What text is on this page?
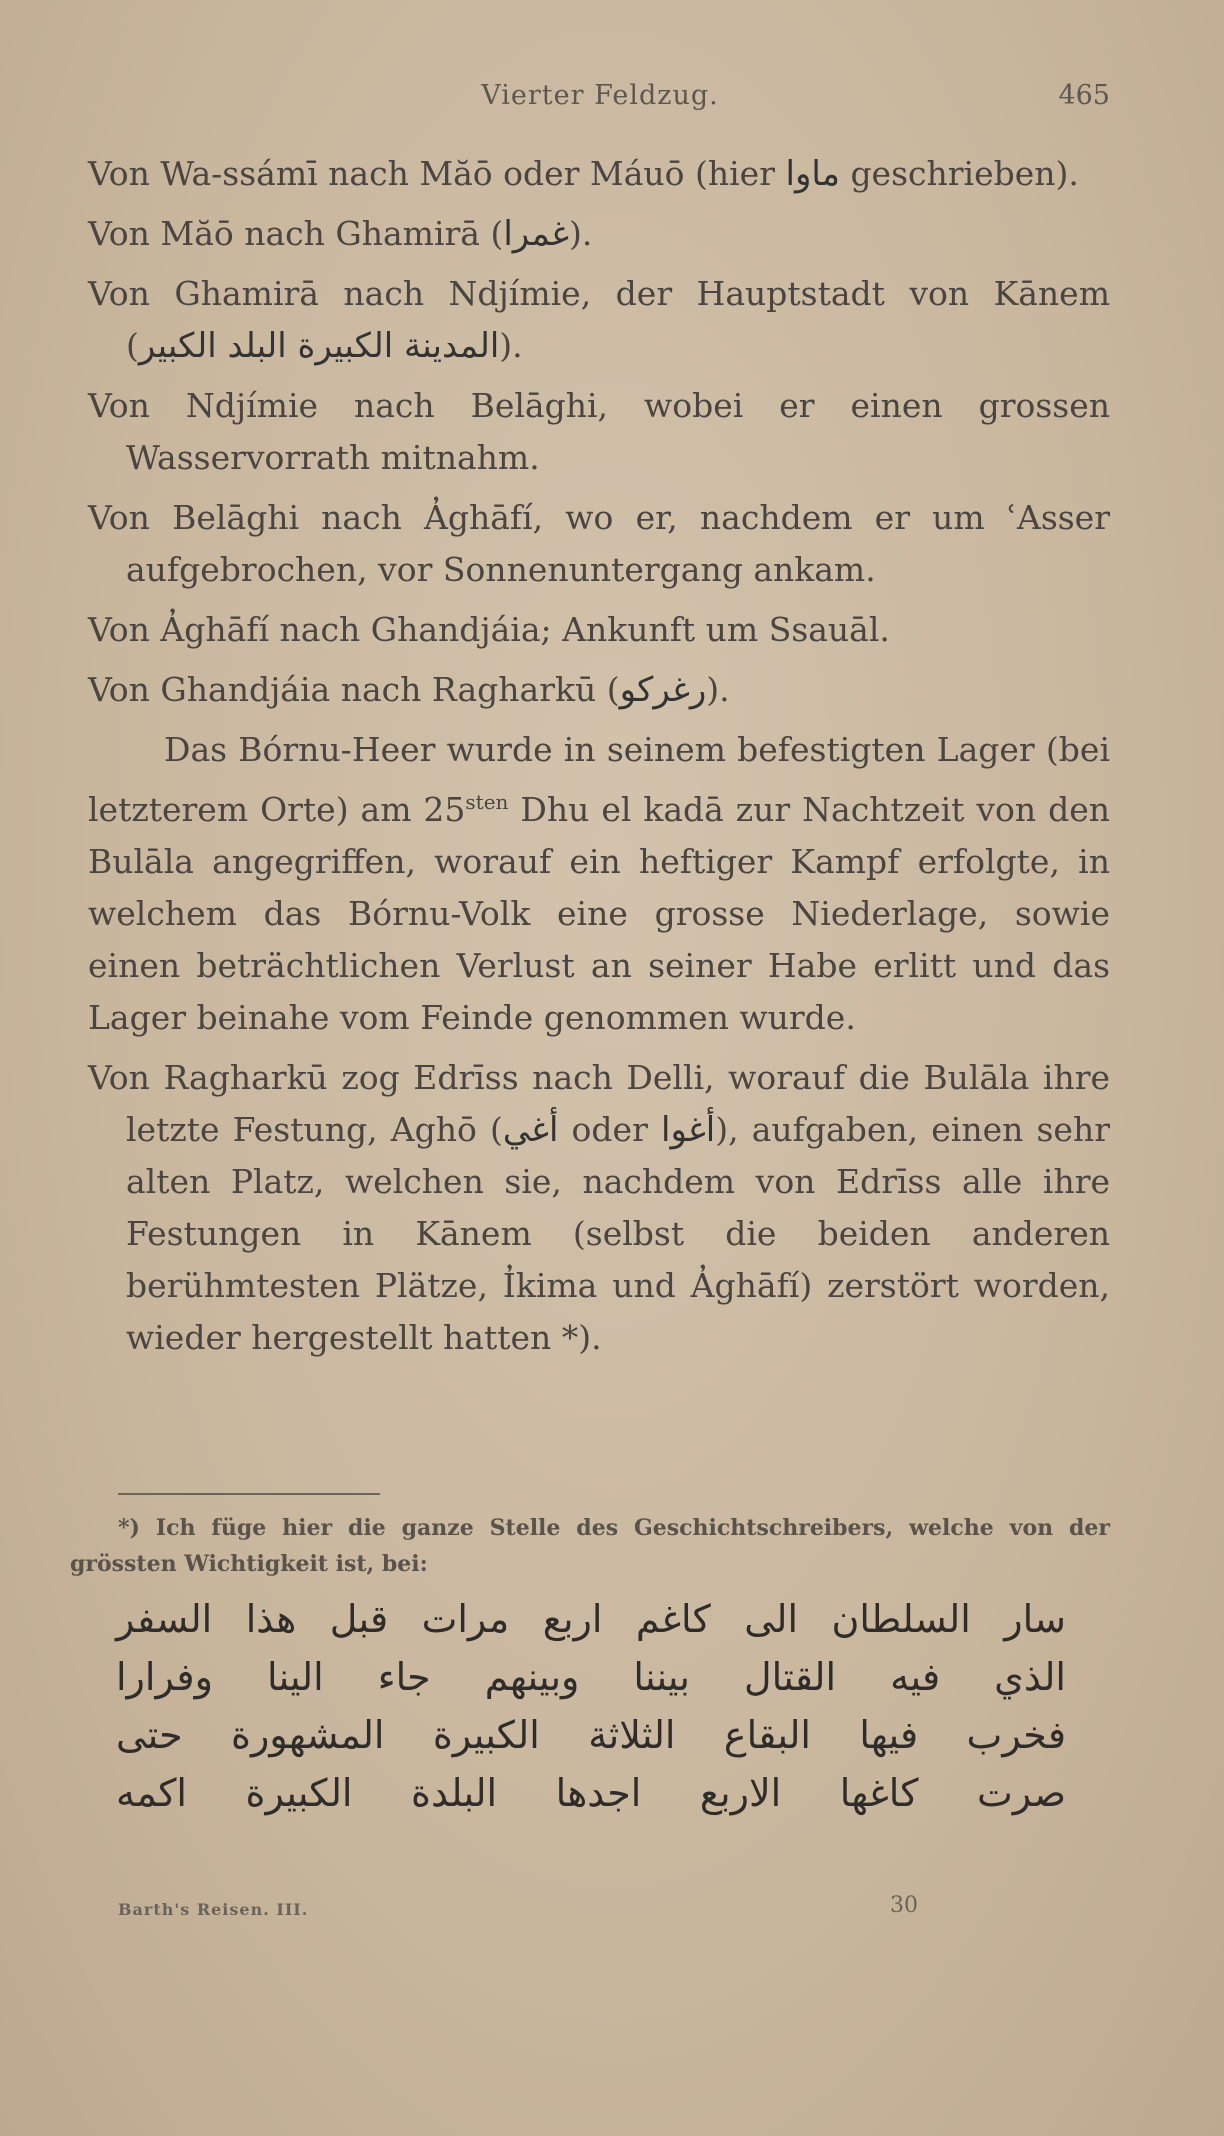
Vierter Feldzug.	465

Von Wa-ssámī nach Măō oder Máuō (hier ماوا geschrieben).

Von Măō nach Ghamirā (غمرا).

Von Ghamirā nach Ndjímie, der Hauptstadt von Kānem (المدينة الكبيرة البلد الكبير).

Von Ndjímie nach Belāghi, wobei er einen grossen Wasservorrath mitnahm.

Von Belāghi nach A̓ghāfí, wo er, nachdem er um ʿAsser aufgebrochen, vor Sonnenuntergang ankam.

Von A̓ghāfí nach Ghandjáia; Ankunft um Ssauāl.

Von Ghandjáia nach Ragharkū (رغركو).

Das Bórnu-Heer wurde in seinem befestigten Lager (bei letzterem Orte) am $25^{sten}$ Dhu el kadā zur Nachtzeit von den Bulāla angegriffen, worauf ein heftiger Kampf erfolgte, in welchem das Bórnu-Volk eine grosse Niederlage, sowie einen beträchtlichen Verlust an seiner Habe erlitt und das Lager beinahe vom Feinde genommen wurde.

Von Ragharkū zog Edrīss nach Delli, worauf die Bulāla ihre letzte Festung, Aghō (أغي oder أغوا), aufgaben, einen sehr alten Platz, welchen sie, nachdem von Edrīss alle ihre Festungen in Kānem (selbst die beiden anderen berühmtesten Plätze, I̓kima und A̓ghāfí) zerstört worden, wieder hergestellt hatten *).

*) Ich füge hier die ganze Stelle des Geschichtschreibers, welche von der grössten Wichtigkeit ist, bei:

سار السلطان الى كاغم اربع مرات قبل هذا السفر
الذي فيه القتال بيننا وبينهم جاء الينا وفرارا
فخرب فيها البقاع الثلاثة الكبيرة المشهورة حتى
صرت كاغها الاربع اجدها البلدة الكبيرة اكمه
Barth's Reisen. III.	30
